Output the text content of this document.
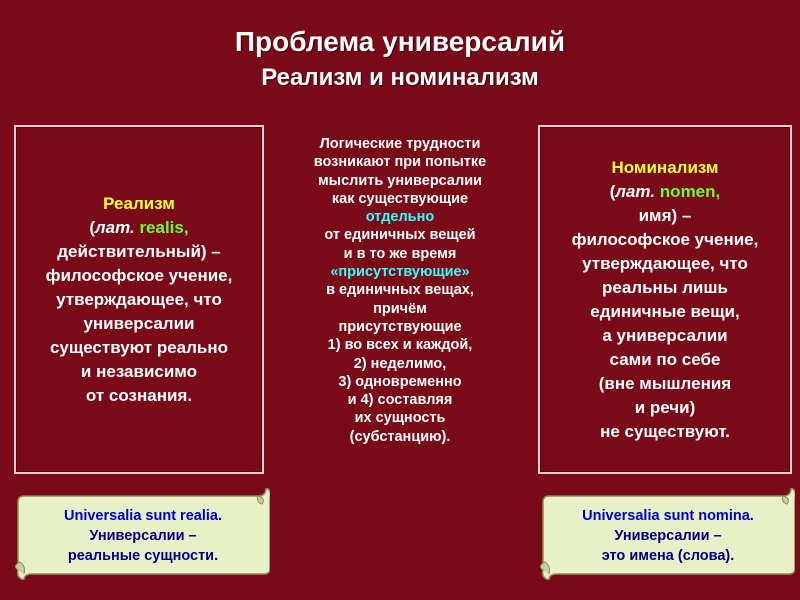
Проблема универсалий
Реализм и номинализм
Реализм
(лат. realis,
действительный) –
философское учение,
утверждающее, что
универсалии
существуют реально
и независимо
от сознания.
Логические трудности
возникают при попытке
мыслить универсалии
как существующие
отдельно
от единичных вещей
и в то же время
«присутствующие»
в единичных вещах,
причём
присутствующие
1) во всех и каждой,
2) неделимо,
3) одновременно
и 4) составляя
их сущность
(субстанцию).
Номинализм
(лат. nomen,
имя) –
философское учение,
утверждающее, что
реальны лишь
единичные вещи,
а универсалии
сами по себе
(вне мышления
и речи)
не существуют.
Universalia sunt realia.
Универсалии –
реальные сущности.
Universalia sunt nomina.
Универсалии –
это имена (слова).
